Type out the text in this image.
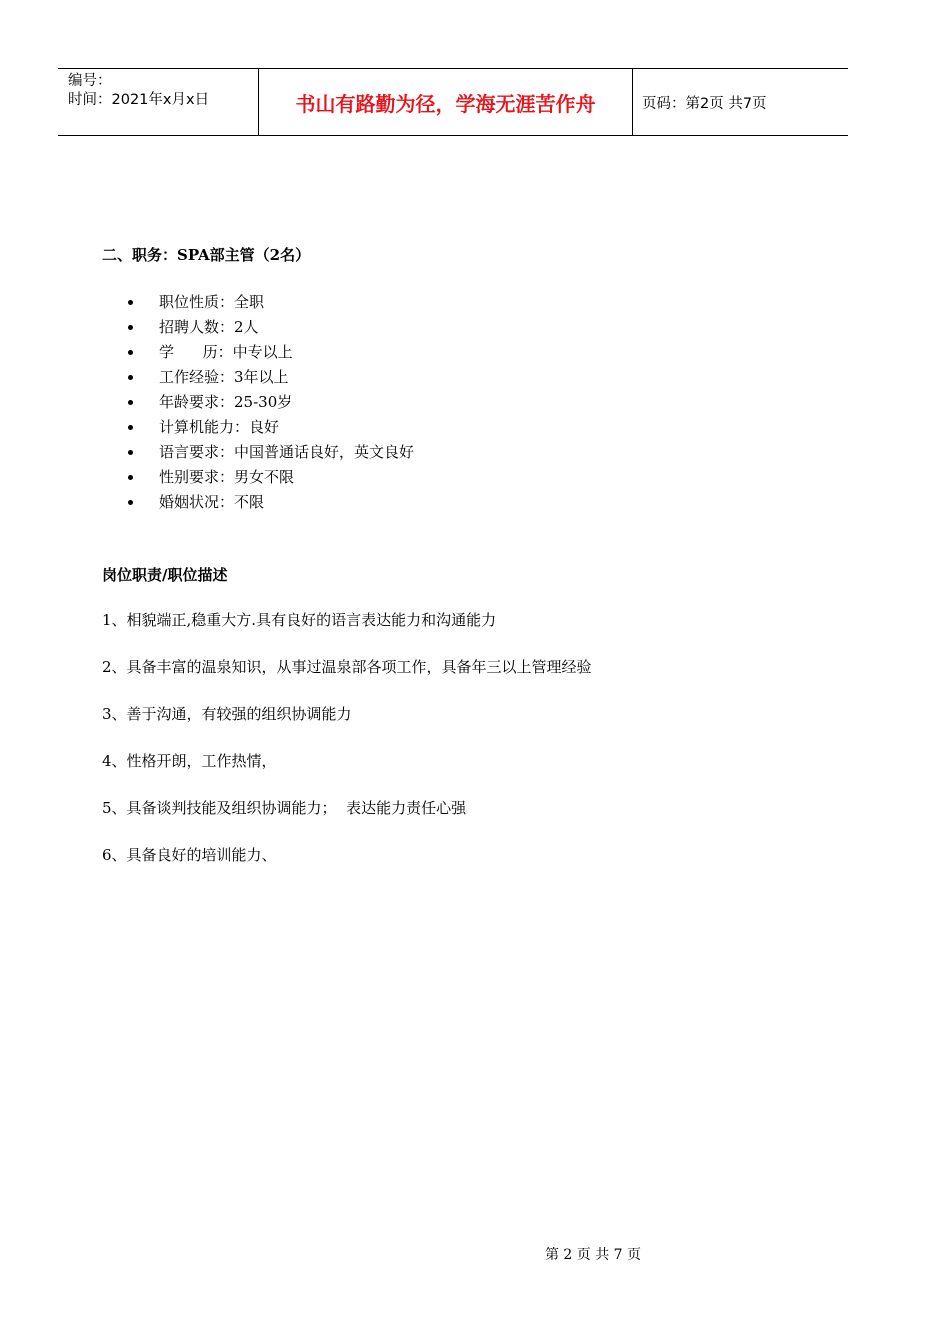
编号：
时间：2021年x月x日	书山有路勤为径，学海无涯苦作舟	页码：第2页 共7页
二、职务：SPA部主管（2名）
职位性质：全职
招聘人数：2人
学      历：中专以上
工作经验：3年以上
年龄要求：25-30岁
计算机能力：良好
语言要求：中国普通话良好，英文良好
性别要求：男女不限
婚姻状况：不限
岗位职责/职位描述
1、相貌端正,稳重大方.具有良好的语言表达能力和沟通能力
2、具备丰富的温泉知识，从事过温泉部各项工作，具备年三以上管理经验
3、善于沟通，有较强的组织协调能力
4、性格开朗，工作热情，
5、具备谈判技能及组织协调能力；  表达能力责任心强
6、具备良好的培训能力、
第 2 页 共 7 页
